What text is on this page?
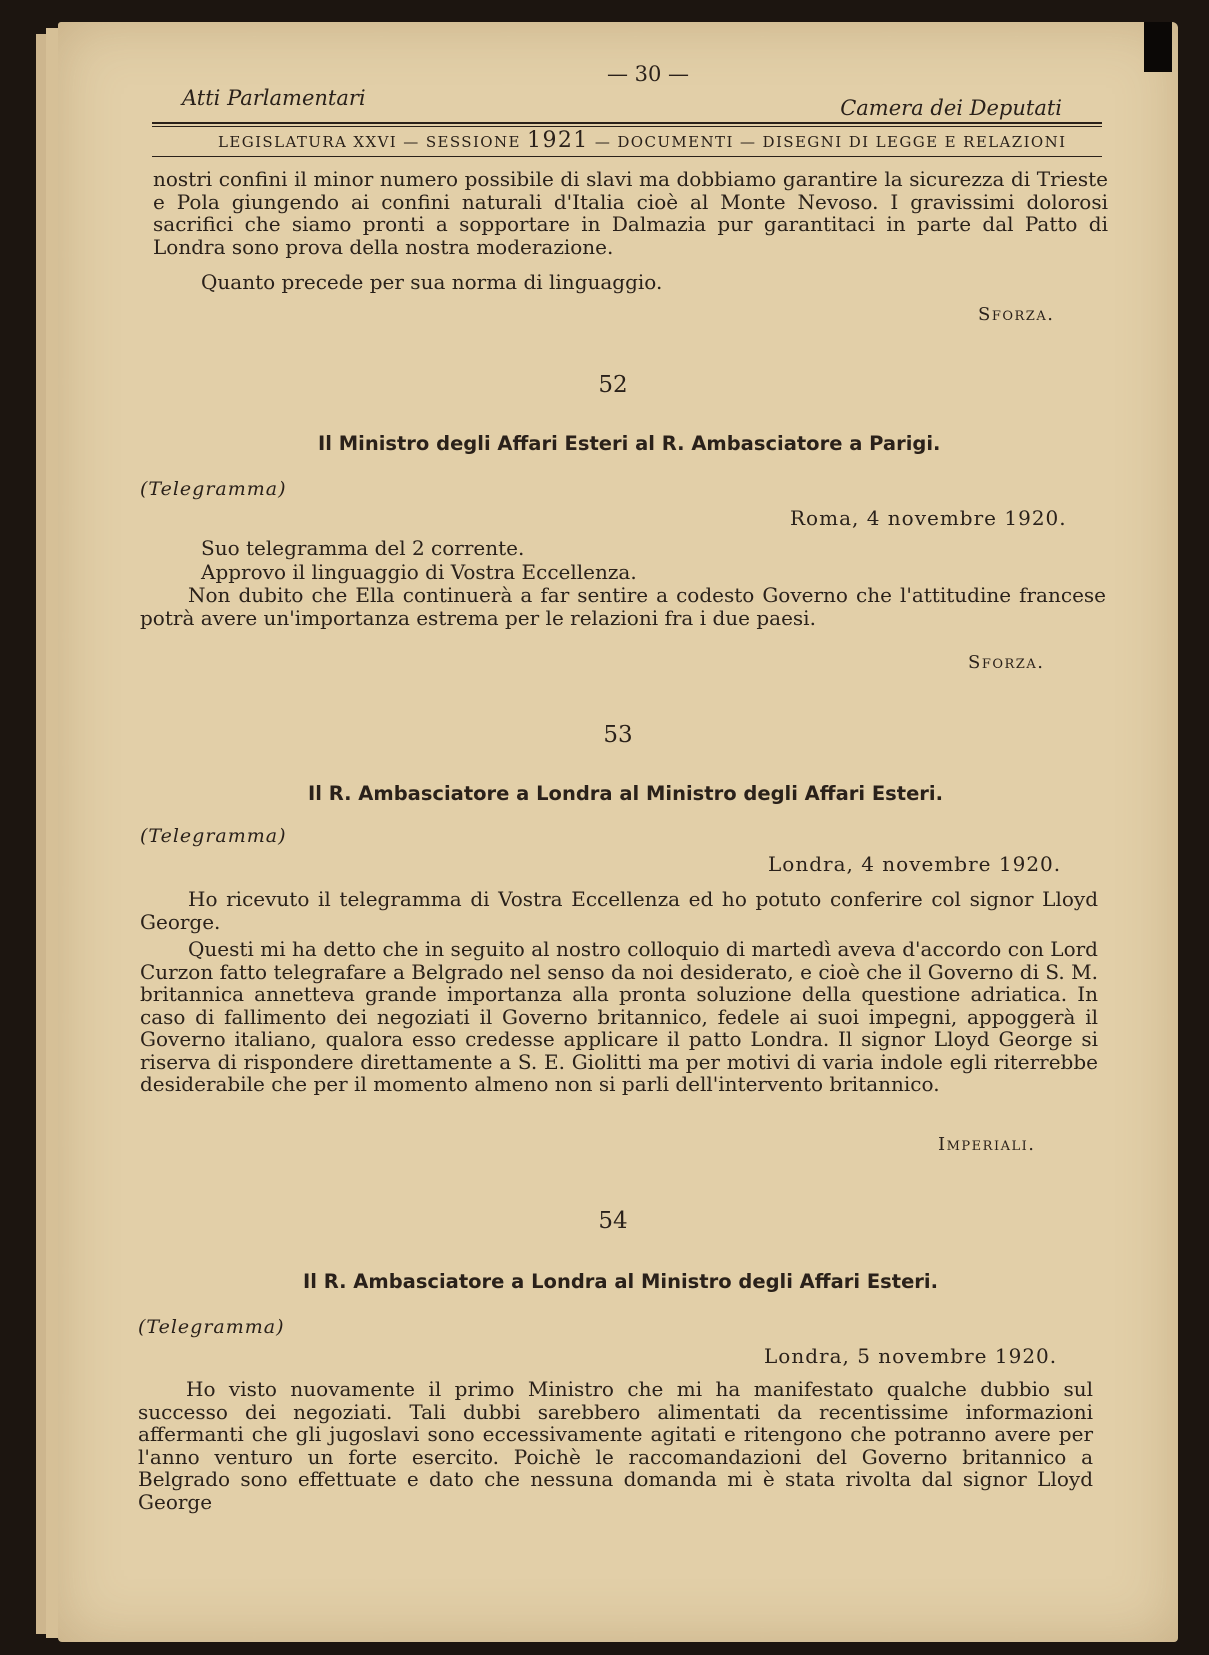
— 30 —
Atti Parlamentari	Camera dei Deputati
LEGISLATURA XXVI — SESSIONE 1921 — DOCUMENTI — DISEGNI DI LEGGE E RELAZIONI

nostri confini il minor numero possibile di slavi ma dobbiamo garantire la sicurezza di Trieste e Pola giungendo ai confini naturali d'Italia cioè al Monte Nevoso. I gravissimi dolorosi sacrifici che siamo pronti a sopportare in Dalmazia pur garantitaci in parte dal Patto di Londra sono prova della nostra moderazione.

Quanto precede per sua norma di linguaggio.

Sforza.
52
Il Ministro degli Affari Esteri al R. Ambasciatore a Parigi.
(Telegramma)
Roma, 4 novembre 1920.

Suo telegramma del 2 corrente.

Approvo il linguaggio di Vostra Eccellenza.

Non dubito che Ella continuerà a far sentire a codesto Governo che l'attitudine francese potrà avere un'importanza estrema per le relazioni fra i due paesi.

Sforza.
53
Il R. Ambasciatore a Londra al Ministro degli Affari Esteri.
(Telegramma)
Londra, 4 novembre 1920.

Ho ricevuto il telegramma di Vostra Eccellenza ed ho potuto conferire col signor Lloyd George.

Questi mi ha detto che in seguito al nostro colloquio di martedì aveva d'accordo con Lord Curzon fatto telegrafare a Belgrado nel senso da noi desiderato, e cioè che il Governo di S. M. britannica annetteva grande importanza alla pronta soluzione della questione adriatica. In caso di fallimento dei negoziati il Governo britannico, fedele ai suoi impegni, appoggerà il Governo italiano, qualora esso credesse applicare il patto Londra. Il signor Lloyd George si riserva di rispondere direttamente a S. E. Giolitti ma per motivi di varia indole egli riterrebbe desiderabile che per il momento almeno non si parli dell'intervento britannico.

Imperiali.
54
Il R. Ambasciatore a Londra al Ministro degli Affari Esteri.
(Telegramma)
Londra, 5 novembre 1920.

Ho visto nuovamente il primo Ministro che mi ha manifestato qualche dubbio sul successo dei negoziati. Tali dubbi sarebbero alimentati da recentissime informazioni affermanti che gli jugoslavi sono eccessivamente agitati e ritengono che potranno avere per l'anno venturo un forte esercito. Poichè le raccomandazioni del Governo britannico a Belgrado sono effettuate e dato che nessuna domanda mi è stata rivolta dal signor Lloyd George
